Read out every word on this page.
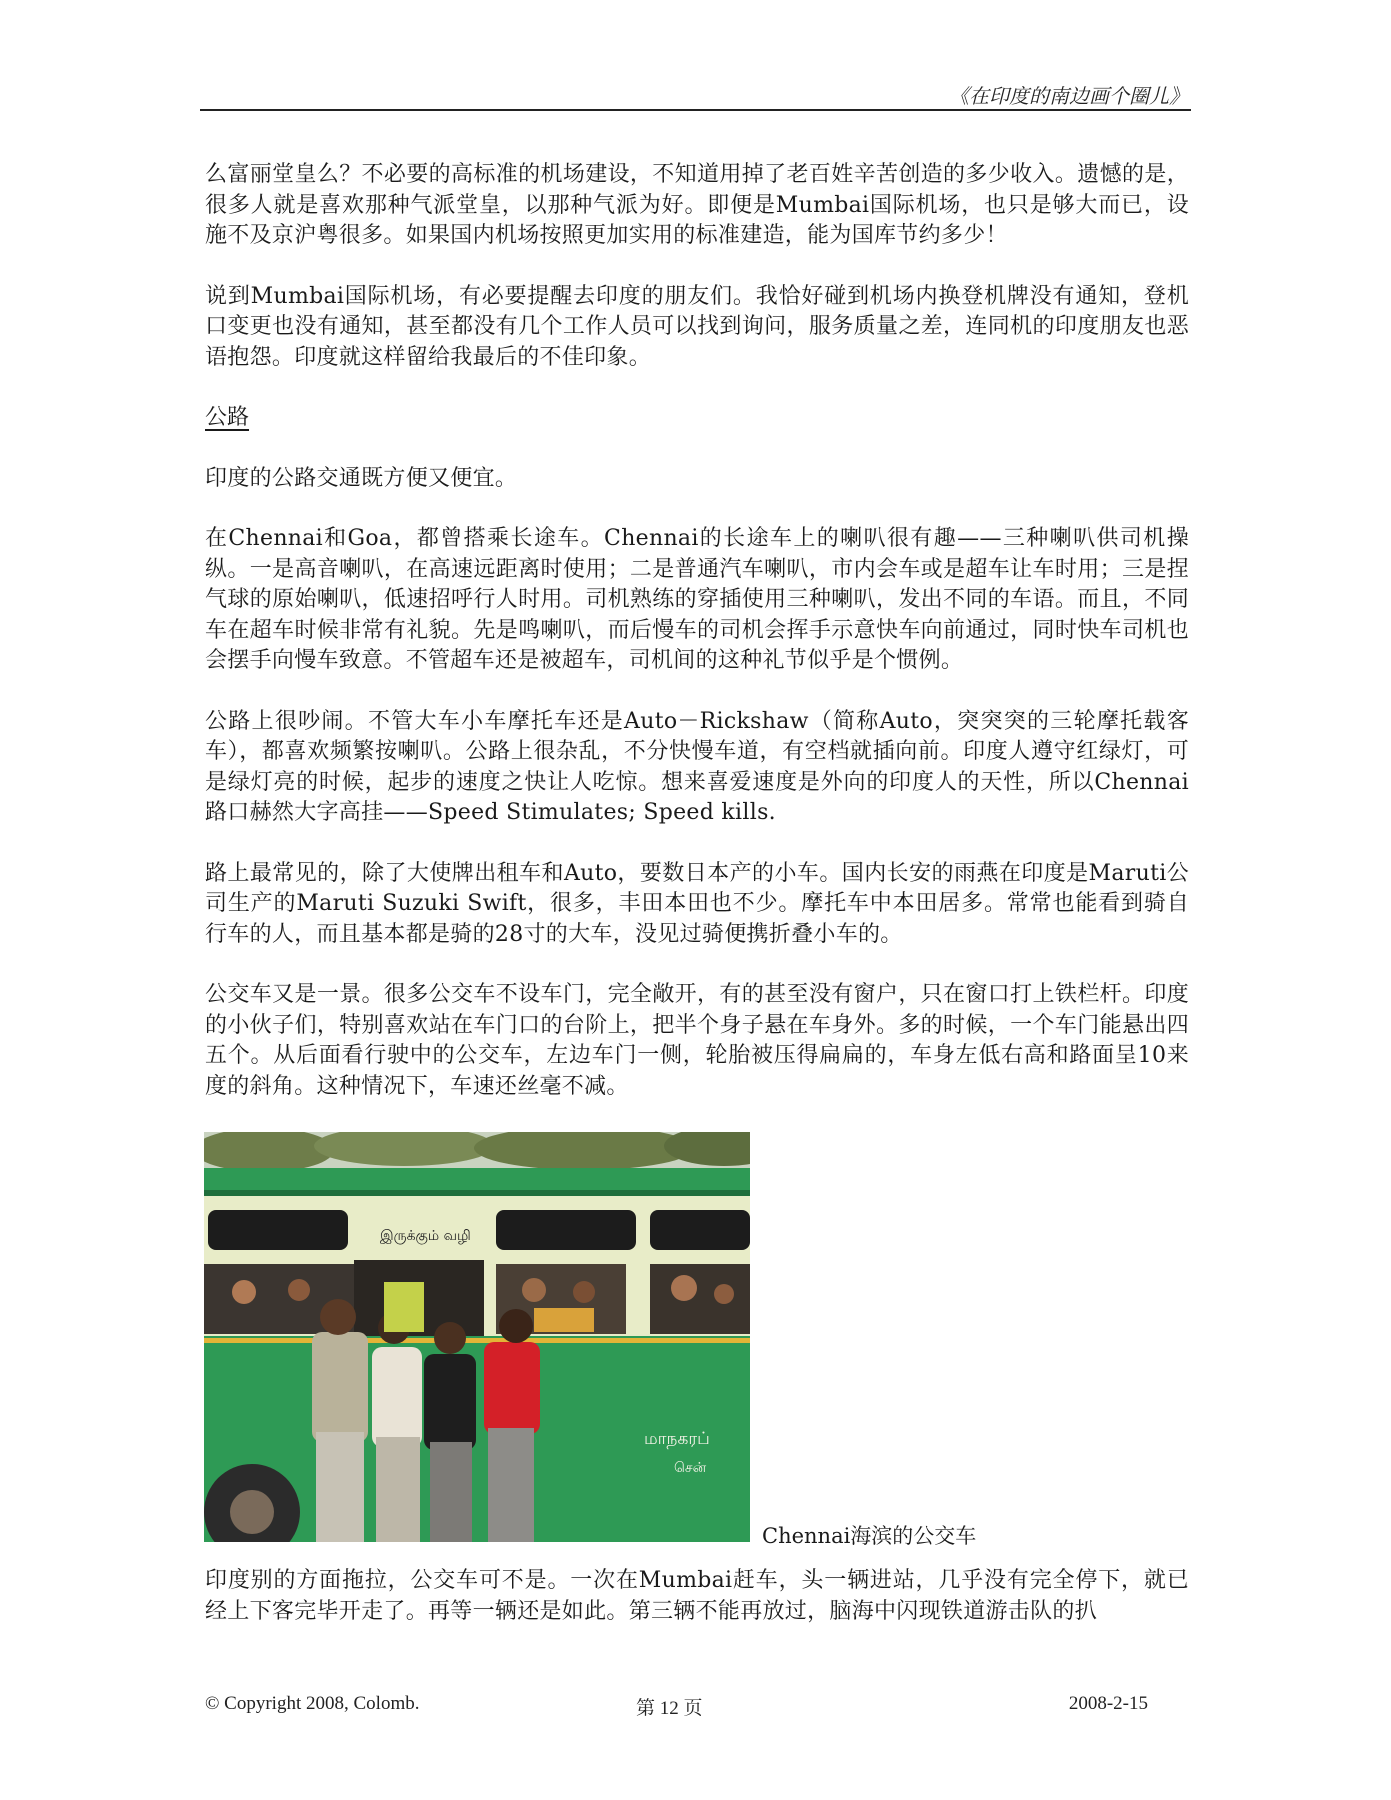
《在印度的南边画个圈儿》

么富丽堂皇么？不必要的高标准的机场建设，不知道用掉了老百姓辛苦创造的多少收入。遗憾的是，很多人就是喜欢那种气派堂皇，以那种气派为好。即便是Mumbai国际机场，也只是够大而已，设施不及京沪粤很多。如果国内机场按照更加实用的标准建造，能为国库节约多少！

说到Mumbai国际机场，有必要提醒去印度的朋友们。我恰好碰到机场内换登机牌没有通知，登机口变更也没有通知，甚至都没有几个工作人员可以找到询问，服务质量之差，连同机的印度朋友也恶语抱怨。印度就这样留给我最后的不佳印象。

公路

印度的公路交通既方便又便宜。

在Chennai和Goa，都曾搭乘长途车。Chennai的长途车上的喇叭很有趣——三种喇叭供司机操纵。一是高音喇叭，在高速远距离时使用；二是普通汽车喇叭，市内会车或是超车让车时用；三是捏气球的原始喇叭，低速招呼行人时用。司机熟练的穿插使用三种喇叭，发出不同的车语。而且，不同车在超车时候非常有礼貌。先是鸣喇叭，而后慢车的司机会挥手示意快车向前通过，同时快车司机也会摆手向慢车致意。不管超车还是被超车，司机间的这种礼节似乎是个惯例。

公路上很吵闹。不管大车小车摩托车还是Auto－Rickshaw（简称Auto，突突突的三轮摩托载客车），都喜欢频繁按喇叭。公路上很杂乱，不分快慢车道，有空档就插向前。印度人遵守红绿灯，可是绿灯亮的时候，起步的速度之快让人吃惊。想来喜爱速度是外向的印度人的天性，所以Chennai路口赫然大字高挂——Speed Stimulates; Speed kills.

路上最常见的，除了大使牌出租车和Auto，要数日本产的小车。国内长安的雨燕在印度是Maruti公司生产的Maruti Suzuki Swift，很多，丰田本田也不少。摩托车中本田居多。常常也能看到骑自行车的人，而且基本都是骑的28寸的大车，没见过骑便携折叠小车的。

公交车又是一景。很多公交车不设车门，完全敞开，有的甚至没有窗户，只在窗口打上铁栏杆。印度的小伙子们，特别喜欢站在车门口的台阶上，把半个身子悬在车身外。多的时候，一个车门能悬出四五个。从后面看行驶中的公交车，左边车门一侧，轮胎被压得扁扁的，车身左低右高和路面呈10来度的斜角。这种情况下，车速还丝毫不减。

இருக்கும் வழி
மாநகரப்
சென்
Chennai海滨的公交车

印度别的方面拖拉，公交车可不是。一次在Mumbai赶车，头一辆进站，几乎没有完全停下，就已经上下客完毕开走了。再等一辆还是如此。第三辆不能再放过，脑海中闪现铁道游击队的扒

© Copyright 2008, Colomb.	第 12 页	2008-2-15
